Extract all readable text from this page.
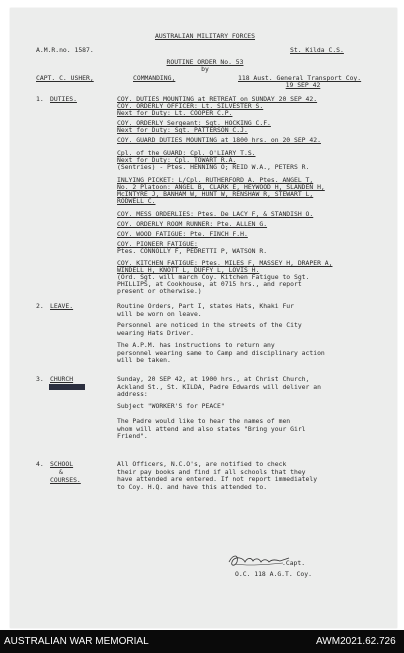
AUSTRALIAN MILITARY FORCES
A.M.R.no. 1587.	St. Kilda C.S.
ROUTINE ORDER No. 53
by
CAPT. C. USHER,	COMMANDING,	118 Aust. General Transport Coy.
19 SEP 42
1. DUTIES.	COY. DUTIES MOUNTING at RETREAT on SUNDAY 20 SEP 42.
COY. ORDERLY OFFICER: Lt. SILVESTER S.
Next for Duty: Lt. COOPER C.P.
COY. ORDERLY Sergeant: Sgt. HOCKING C.F.
Next for Duty: Sgt. PATTERSON C.J.
COY. GUARD DUTIES MOUNTING at 1800 hrs. on 20 SEP 42.
Cpl. of the GUARD: Cpl. O'LIARY T.S.
Next for Duty: Cpl. TOWART R.A.
(Sentries) - Ptes. HENNING O; REID W.A., PETERS R.
INLYING PICKET: L/Cpl. RUTHERFORD A. Ptes. ANGEL T,
No. 2 Platoon: ANGEL B, CLARK E, HEYWOOD H, SLANDEN H,
McINTYRE J, BANHAM W, HUNT W, RENSHAW R, STEWART L,
RODWELL C.
COY. MESS ORDERLIES: Ptes. De LACY F, & STANDISH O.
COY. ORDERLY ROOM RUNNER: Pte. ALLEN G.
COY. WOOD FATIGUE: Pte. FINCH F.H.
COY. PIONEER FATIGUE:
Ptes. CONNOLLY F, PEDRETTI P, WATSON R.
COY. KITCHEN FATIGUE: Ptes. MILES F, MASSEY H, DRAPER A,
WINDELL H, KNOTT L, DUFFY L, LOVIS H.
(Ord. Sgt. will march Coy. Kitchen Fatigue to Sgt.
PHILLIPS, at Cookhouse, at 0715 hrs., and report
present or otherwise.)
2. LEAVE.	Routine Orders, Part I, states Hats, Khaki Fur
will be worn on leave.
Personnel are noticed in the streets of the City
wearing Hats Driver.
The A.P.M. has instructions to return any
personnel wearing same to Camp and disciplinary action
will be taken.
3. CHURCH	Sunday, 20 SEP 42, at 1900 hrs., at Christ Church,
Ackland St., St. KILDA, Padre Edwards will deliver an
address:
Subject "WORKER'S for PEACE"
The Padre would like to hear the names of men
whom will attend and also states "Bring your Girl
Friend".
4. SCHOOL
&
COURSES.
All Officers, N.C.O's, are notified to check
their pay books and find if all schools that they
have attended are entered. If not report immediately
to Coy. H.Q. and have this attended to.
.Capt.
O.C. 118 A.G.T. Coy.
AUSTRALIAN WAR MEMORIAL	AWM2021.62.726
